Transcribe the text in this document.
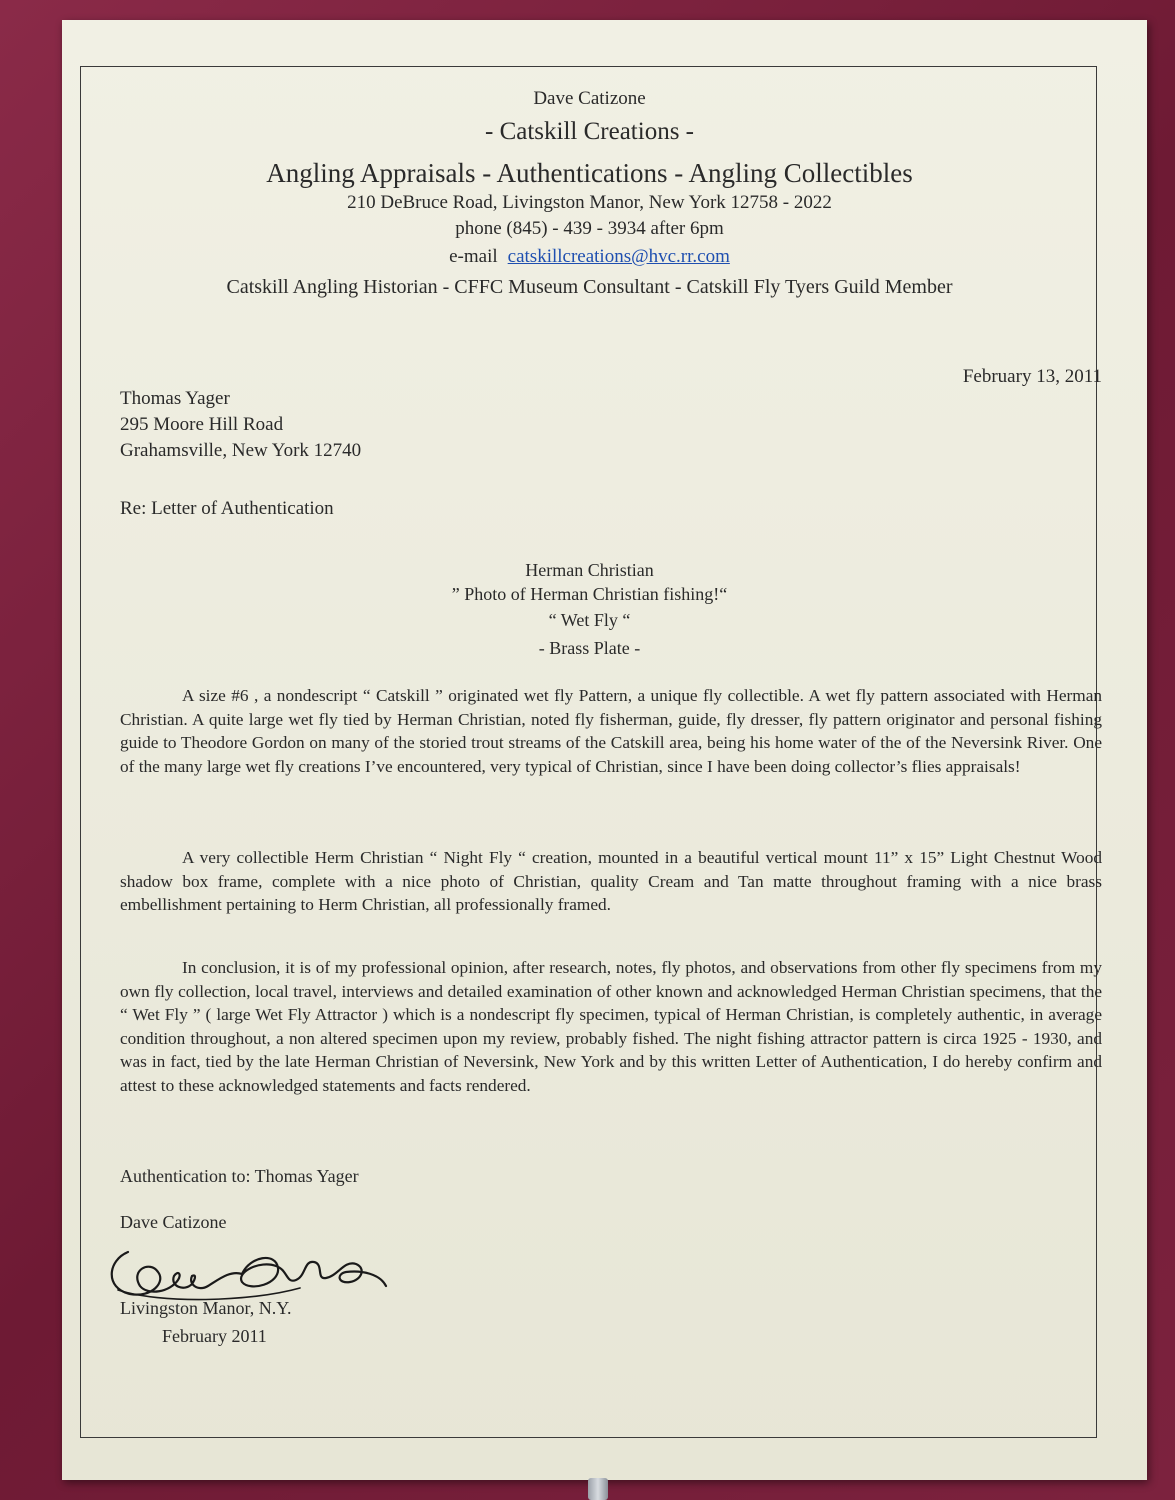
Dave Catizone
- Catskill Creations -
Angling Appraisals - Authentications - Angling Collectibles
210 DeBruce Road, Livingston Manor, New York 12758 - 2022
phone (845) - 439 - 3934 after 6pm
e-mail catskillcreations@hvc.rr.com
Catskill Angling Historian - CFFC Museum Consultant - Catskill Fly Tyers Guild Member
February 13, 2011
Thomas Yager
295 Moore Hill Road
Grahamsville, New York 12740
Re: Letter of Authentication
Herman Christian
” Photo of Herman Christian fishing!“
“ Wet Fly “
- Brass Plate -

A size #6 , a nondescript “ Catskill ” originated wet fly Pattern, a unique fly collectible. A wet fly pattern associated with Herman Christian. A quite large wet fly tied by Herman Christian, noted fly fisherman, guide, fly dresser, fly pattern originator and personal fishing guide to Theodore Gordon on many of the storied trout streams of the Catskill area, being his home water of the of the Neversink River. One of the many large wet fly creations I’ve encountered, very typical of Christian, since I have been doing collector’s flies appraisals!

A very collectible Herm Christian “ Night Fly “ creation, mounted in a beautiful vertical mount 11” x 15” Light Chestnut Wood shadow box frame, complete with a nice photo of Christian, quality Cream and Tan matte throughout framing with a nice brass embellishment pertaining to Herm Christian, all professionally framed.

In conclusion, it is of my professional opinion, after research, notes, fly photos, and observations from other fly specimens from my own fly collection, local travel, interviews and detailed examination of other known and acknowledged Herman Christian specimens, that the “ Wet Fly ” ( large Wet Fly Attractor ) which is a nondescript fly specimen, typical of Herman Christian, is completely authentic, in average condition throughout, a non altered specimen upon my review, probably fished. The night fishing attractor pattern is circa 1925 - 1930, and was in fact, tied by the late Herman Christian of Neversink, New York and by this written Letter of Authentication, I do hereby confirm and attest to these acknowledged statements and facts rendered.

Authentication to: Thomas Yager
Dave Catizone
Livingston Manor, N.Y.
February 2011
